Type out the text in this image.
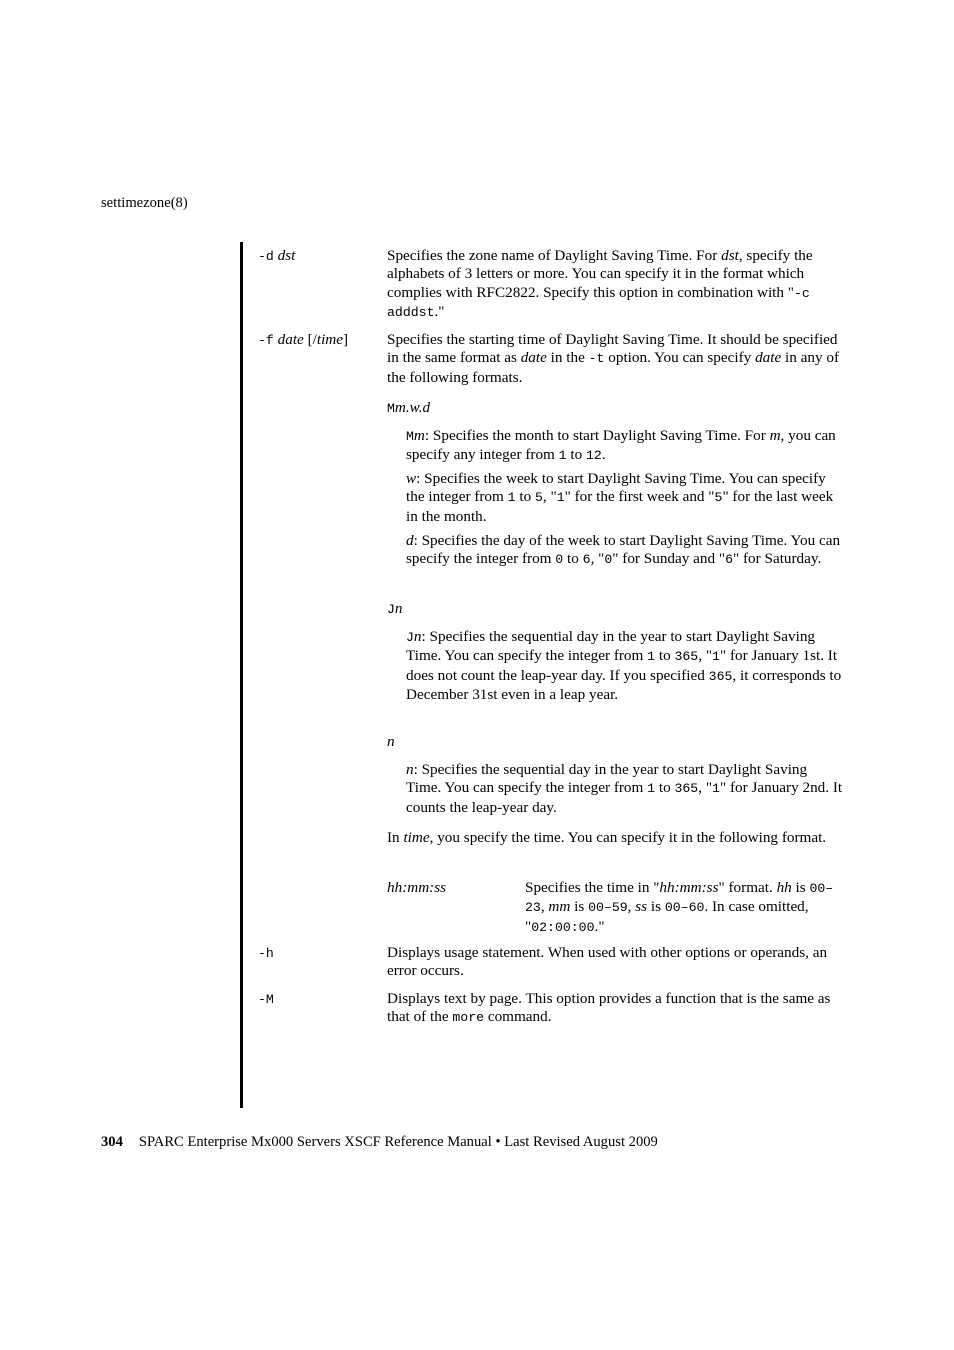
settimezone(8)
-d dst	Specifies the zone name of Daylight Saving Time. For dst, specify the alphabets of 3 letters or more. You can specify it in the format which complies with RFC2822. Specify this option in combination with "-c adddst."

-f date [/time]	Specifies the starting time of Daylight Saving Time. It should be specified in the same format as date in the -t option. You can specify date in any of the following formats.

Mm.w.d

Mm: Specifies the month to start Daylight Saving Time. For m, you can specify any integer from 1 to 12.

w: Specifies the week to start Daylight Saving Time. You can specify the integer from 1 to 5, "1" for the first week and "5" for the last week in the month.

d: Specifies the day of the week to start Daylight Saving Time. You can specify the integer from 0 to 6, "0" for Sunday and "6" for Saturday.

Jn

Jn: Specifies the sequential day in the year to start Daylight Saving Time. You can specify the integer from 1 to 365, "1" for January 1st. It does not count the leap-year day. If you specified 365, it corresponds to December 31st even in a leap year.

n

n: Specifies the sequential day in the year to start Daylight Saving Time. You can specify the integer from 1 to 365, "1" for January 2nd. It counts the leap-year day.

In time, you specify the time. You can specify it in the following format.

hh:mm:ss	Specifies the time in "hh:mm:ss" format. hh is 00–23, mm is 00–59, ss is 00–60. In case omitted, "02:00:00."

-h	Displays usage statement. When used with other options or operands, an error occurs.

-M	Displays text by page. This option provides a function that is the same as that of the more command.

304 SPARC Enterprise Mx000 Servers XSCF Reference Manual • Last Revised August 2009
